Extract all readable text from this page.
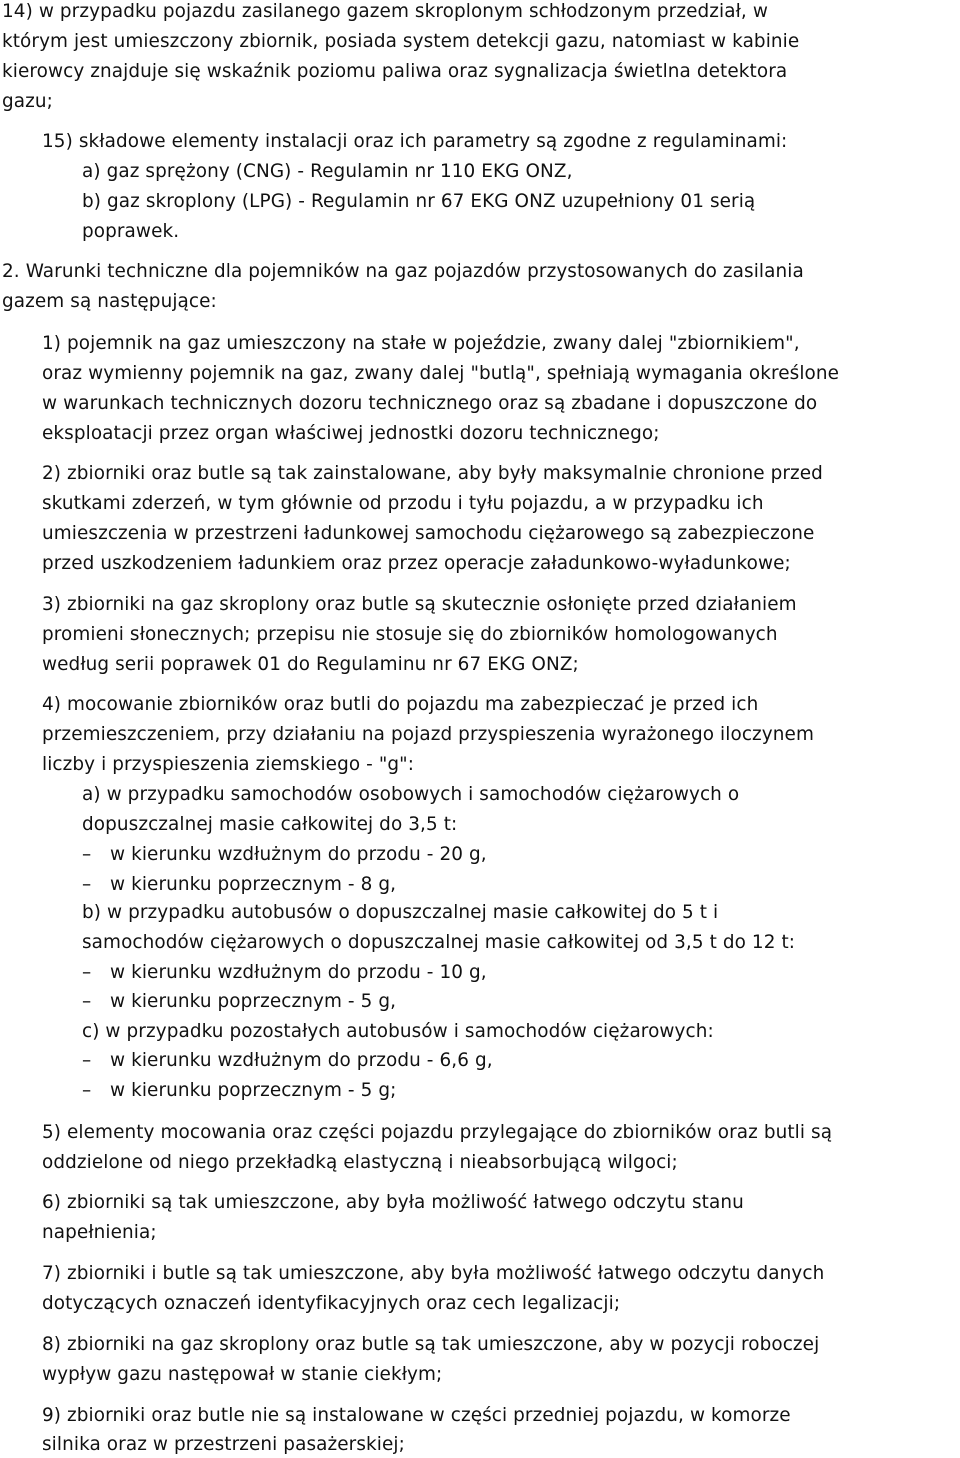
14) w przypadku pojazdu zasilanego gazem skroplonym schłodzonym przedział, w
którym jest umieszczony zbiornik, posiada system detekcji gazu, natomiast w kabinie
kierowcy znajduje się wskaźnik poziomu paliwa oraz sygnalizacja świetlna detektora
gazu;
15) składowe elementy instalacji oraz ich parametry są zgodne z regulaminami:
a) gaz sprężony (CNG) - Regulamin nr 110 EKG ONZ,
b) gaz skroplony (LPG) - Regulamin nr 67 EKG ONZ uzupełniony 01 serią
poprawek.
2. Warunki techniczne dla pojemników na gaz pojazdów przystosowanych do zasilania
gazem są następujące:
1) pojemnik na gaz umieszczony na stałe w pojeździe, zwany dalej "zbiornikiem",
oraz wymienny pojemnik na gaz, zwany dalej "butlą", spełniają wymagania określone
w warunkach technicznych dozoru technicznego oraz są zbadane i dopuszczone do
eksploatacji przez organ właściwej jednostki dozoru technicznego;
2) zbiorniki oraz butle są tak zainstalowane, aby były maksymalnie chronione przed
skutkami zderzeń, w tym głównie od przodu i tyłu pojazdu, a w przypadku ich
umieszczenia w przestrzeni ładunkowej samochodu ciężarowego są zabezpieczone
przed uszkodzeniem ładunkiem oraz przez operacje załadunkowo-wyładunkowe;
3) zbiorniki na gaz skroplony oraz butle są skutecznie osłonięte przed działaniem
promieni słonecznych; przepisu nie stosuje się do zbiorników homologowanych
według serii poprawek 01 do Regulaminu nr 67 EKG ONZ;
4) mocowanie zbiorników oraz butli do pojazdu ma zabezpieczać je przed ich
przemieszczeniem, przy działaniu na pojazd przyspieszenia wyrażonego iloczynem
liczby i przyspieszenia ziemskiego - "g":
a) w przypadku samochodów osobowych i samochodów ciężarowych o
dopuszczalnej masie całkowitej do 3,5 t:
– w kierunku wzdłużnym do przodu - 20 g,
– w kierunku poprzecznym - 8 g,
b) w przypadku autobusów o dopuszczalnej masie całkowitej do 5 t i
samochodów ciężarowych o dopuszczalnej masie całkowitej od 3,5 t do 12 t:
– w kierunku wzdłużnym do przodu - 10 g,
– w kierunku poprzecznym - 5 g,
c) w przypadku pozostałych autobusów i samochodów ciężarowych:
– w kierunku wzdłużnym do przodu - 6,6 g,
– w kierunku poprzecznym - 5 g;
5) elementy mocowania oraz części pojazdu przylegające do zbiorników oraz butli są
oddzielone od niego przekładką elastyczną i nieabsorbującą wilgoci;
6) zbiorniki są tak umieszczone, aby była możliwość łatwego odczytu stanu
napełnienia;
7) zbiorniki i butle są tak umieszczone, aby była możliwość łatwego odczytu danych
dotyczących oznaczeń identyfikacyjnych oraz cech legalizacji;
8) zbiorniki na gaz skroplony oraz butle są tak umieszczone, aby w pozycji roboczej
wypływ gazu następował w stanie ciekłym;
9) zbiorniki oraz butle nie są instalowane w części przedniej pojazdu, w komorze
silnika oraz w przestrzeni pasażerskiej;
